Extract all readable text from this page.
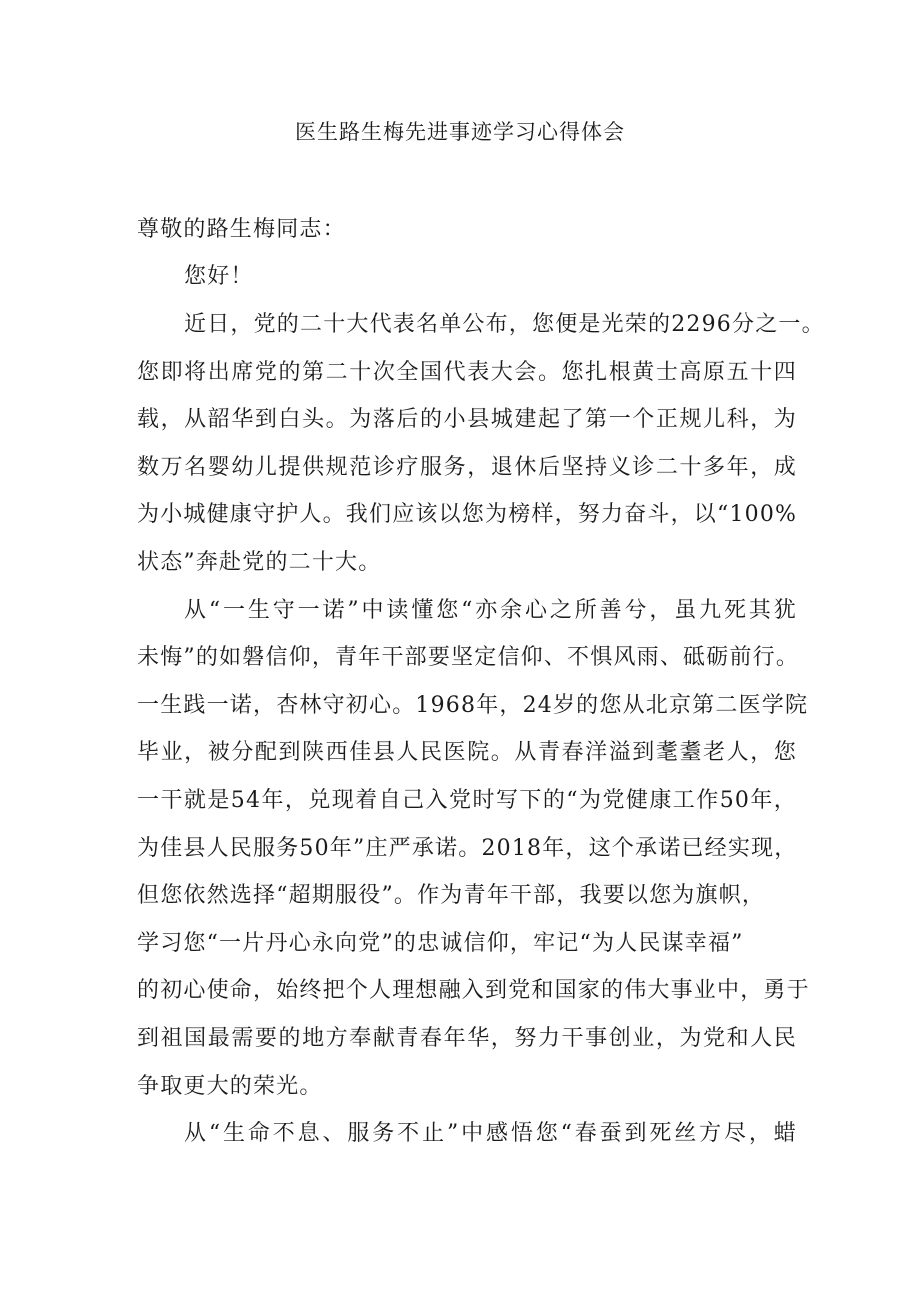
医生路生梅先进事迹学习心得体会
尊敬的路生梅同志：
您好！
近日，党的二十大代表名单公布，您便是光荣的2296分之一。
您即将出席党的第二十次全国代表大会。您扎根黄士高原五十四
载，从韶华到白头。为落后的小县城建起了第一个正规儿科，为
数万名婴幼儿提供规范诊疗服务，退休后坚持义诊二十多年，成
为小城健康守护人。我们应该以您为榜样，努力奋斗，以“100%
状态”奔赴党的二十大。
从“一生守一诺”中读懂您“亦余心之所善兮，虽九死其犹
未悔”的如磐信仰，青年干部要坚定信仰、不惧风雨、砥砺前行。
一生践一诺，杏林守初心。1968年，24岁的您从北京第二医学院
毕业，被分配到陕西佳县人民医院。从青春洋溢到耄耋老人，您
一干就是54年，兑现着自己入党时写下的“为党健康工作50年，
为佳县人民服务50年”庄严承诺。2018年，这个承诺已经实现，
但您依然选择“超期服役”。作为青年干部，我要以您为旗帜，
学习您“一片丹心永向党”的忠诚信仰，牢记“为人民谋幸福”
的初心使命，始终把个人理想融入到党和国家的伟大事业中，勇于
到祖国最需要的地方奉献青春年华，努力干事创业，为党和人民
争取更大的荣光。
从“生命不息、服务不止”中感悟您“春蚕到死丝方尽，蜡
